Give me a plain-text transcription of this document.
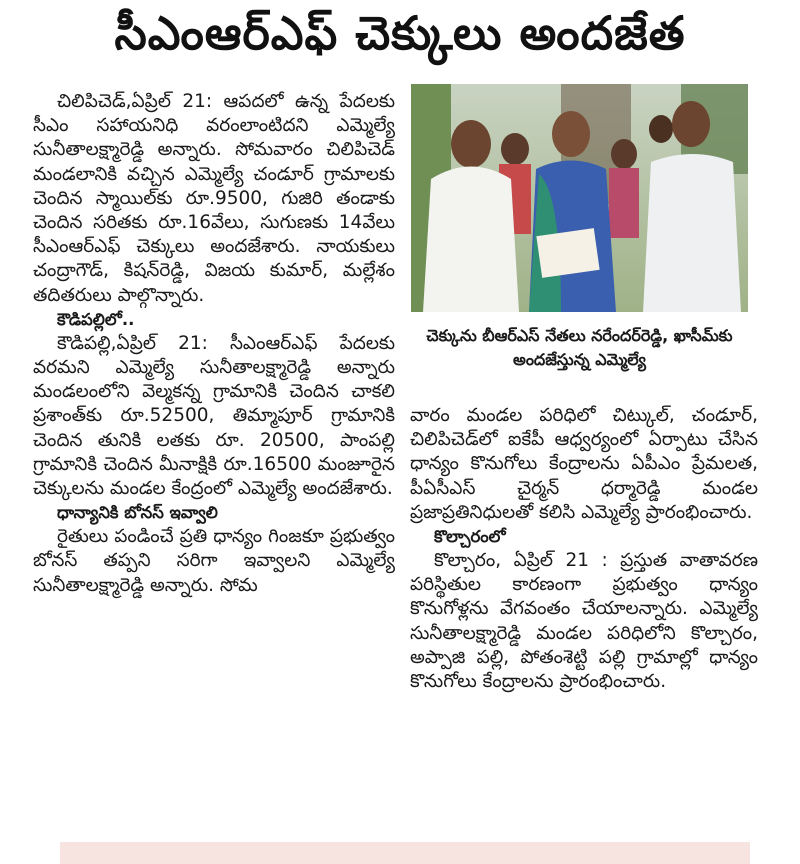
సీఎంఆర్ఎఫ్ చెక్కులు అందజేత

చిలిపిచెడ్,ఏప్రిల్ 21: ఆపదలో ఉన్న పేదలకు సీఎం సహాయనిధి వరంలాంటిదని ఎమ్మెల్యే సునీతాలక్ష్మారెడ్డి అన్నారు. సోమవారం చిలిపిచెడ్ మండలానికి వచ్చిన ఎమ్మెల్యే చండూర్ గ్రామాలకు చెందిన స్మాయిల్‌కు రూ.9500, గుజిరి తండాకు చెందిన సరితకు రూ.16వేలు, సుగుణకు 14వేలు సీఎంఆర్ఎఫ్ చెక్కులు అందజేశారు. నాయకులు చంద్రాగౌడ్, కిషన్‌రెడ్డి, విజయ కుమార్, మల్లేశం తదితరులు పాల్గొన్నారు.

కౌడిపల్లిలో..

కౌడిపల్లి,ఏప్రిల్ 21: సీఎంఆర్ఎఫ్ పేదలకు వరమని ఎమ్మెల్యే సునీతాలక్ష్మారెడ్డి అన్నారు మండలంలోని వెల్మకన్న గ్రామానికి చెందిన చాకలి ప్రశాంత్‌కు రూ.52500, తిమ్మాపూర్ గ్రామానికి చెందిన తునికి లతకు రూ. 20500, పాంపల్లి గ్రామానికి చెందిన మీనాక్షికి రూ.16500 మంజూరైన చెక్కులను మండల కేంద్రంలో ఎమ్మెల్యే అందజేశారు.

ధాన్యానికి బోనస్ ఇవ్వాలి

రైతులు పండించే ప్రతి ధాన్యం గింజకూ ప్రభుత్వం బోనస్ తప్పని సరిగా ఇవ్వాలని ఎమ్మెల్యే సునీతాలక్ష్మారెడ్డి అన్నారు. సోమ

చెక్కును బీఆర్ఎస్ నేతలు నరేందర్‌రెడ్డి, ఖాసీమ్‌కు అందజేస్తున్న ఎమ్మెల్యే

వారం మండల పరిధిలో చిట్కుల్, చండూర్, చిలిపిచెడ్‌లో ఐకేపీ ఆధ్వర్యంలో ఏర్పాటు చేసిన ధాన్యం కొనుగోలు కేంద్రాలను ఏపీఎం ప్రేమలత, పీఏసీఎస్ చైర్మన్ ధర్మారెడ్డి మండల ప్రజాప్రతినిధులతో కలిసి ఎమ్మెల్యే ప్రారంభించారు.

కొల్చారంలో

కొల్చారం, ఏప్రిల్ 21 : ప్రస్తుత వాతావరణ పరిస్థితుల కారణంగా ప్రభుత్వం ధాన్యం కొనుగోళ్లను వేగవంతం చేయాలన్నారు. ఎమ్మెల్యే సునీతాలక్ష్మారెడ్డి మండల పరిధిలోని కొల్చారం, అప్పాజి పల్లి, పోతంశెట్టి పల్లి గ్రామాల్లో ధాన్యం కొనుగోలు కేంద్రాలను ప్రారంభించారు.
